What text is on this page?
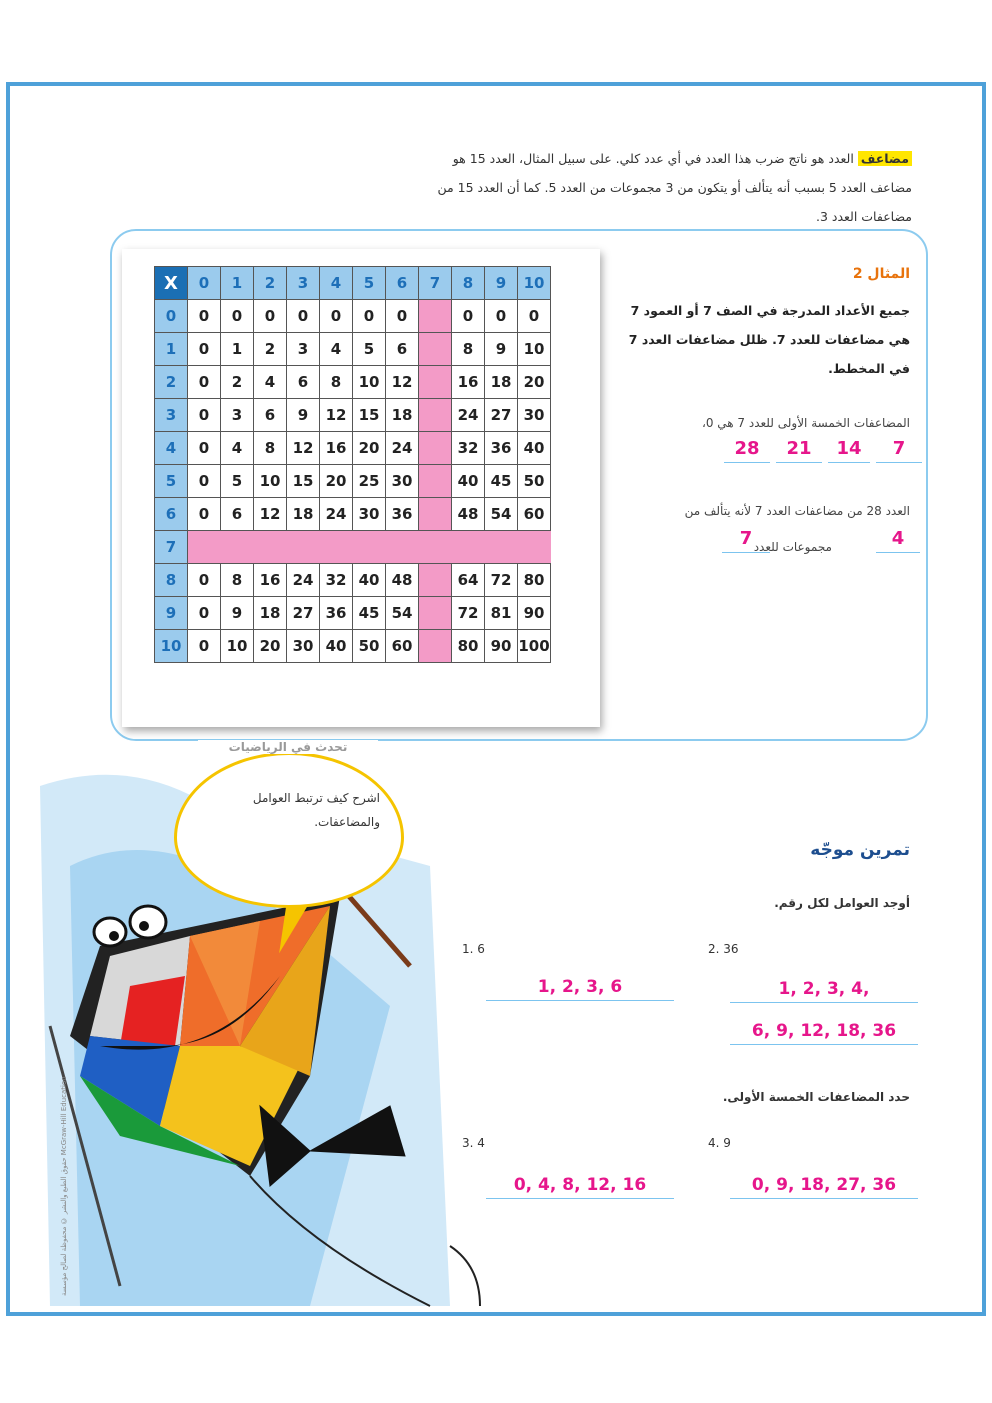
مضاعف العدد هو ناتج ضرب هذا العدد في أي عدد كلي. على سبيل المثال، العدد 15 هو

مضاعف العدد 5 بسبب أنه يتألف أو يتكون من 3 مجموعات من العدد 5. كما أن العدد 15 من

مضاعفات العدد 3.

X	0	1	2	3	4	5	6	7	8	9	10
0	0	0	0	0	0	0	0		0	0	0
1	0	1	2	3	4	5	6		8	9	10
2	0	2	4	6	8	10	12		16	18	20
3	0	3	6	9	12	15	18		24	27	30
4	0	4	8	12	16	20	24		32	36	40
5	0	5	10	15	20	25	30		40	45	50
6	0	6	12	18	24	30	36		48	54	60
7											
8	0	8	16	24	32	40	48		64	72	80
9	0	9	18	27	36	45	54		72	81	90
10	0	10	20	30	40	50	60		80	90	100
المثال 2
جميع الأعداد المدرجة في الصف 7 أو العمود 7 هي مضاعفات للعدد 7. ظلل مضاعفات العدد 7 في المخطط.
المضاعفات الخمسة الأولى للعدد 7 هي 0،
7
14
21
28
العدد 28 من مضاعفات العدد 7 لأنه يتألف من
4
مجموعات للعدد
7
حقوق الطبع والنشر © محفوظة لصالح مؤسسة McGraw-Hill Education
تحدث في الرياضيات
اشرح كيف ترتبط العوامل والمضاعفات.
تمرين موجّه
أوجد العوامل لكل رقم.
1. 6
1, 2, 3, 6
2. 36
1, 2, 3, 4,
6, 9, 12, 18, 36
حدد المضاعفات الخمسة الأولى.
3. 4
0, 4, 8, 12, 16
4. 9
0, 9, 18, 27, 36
